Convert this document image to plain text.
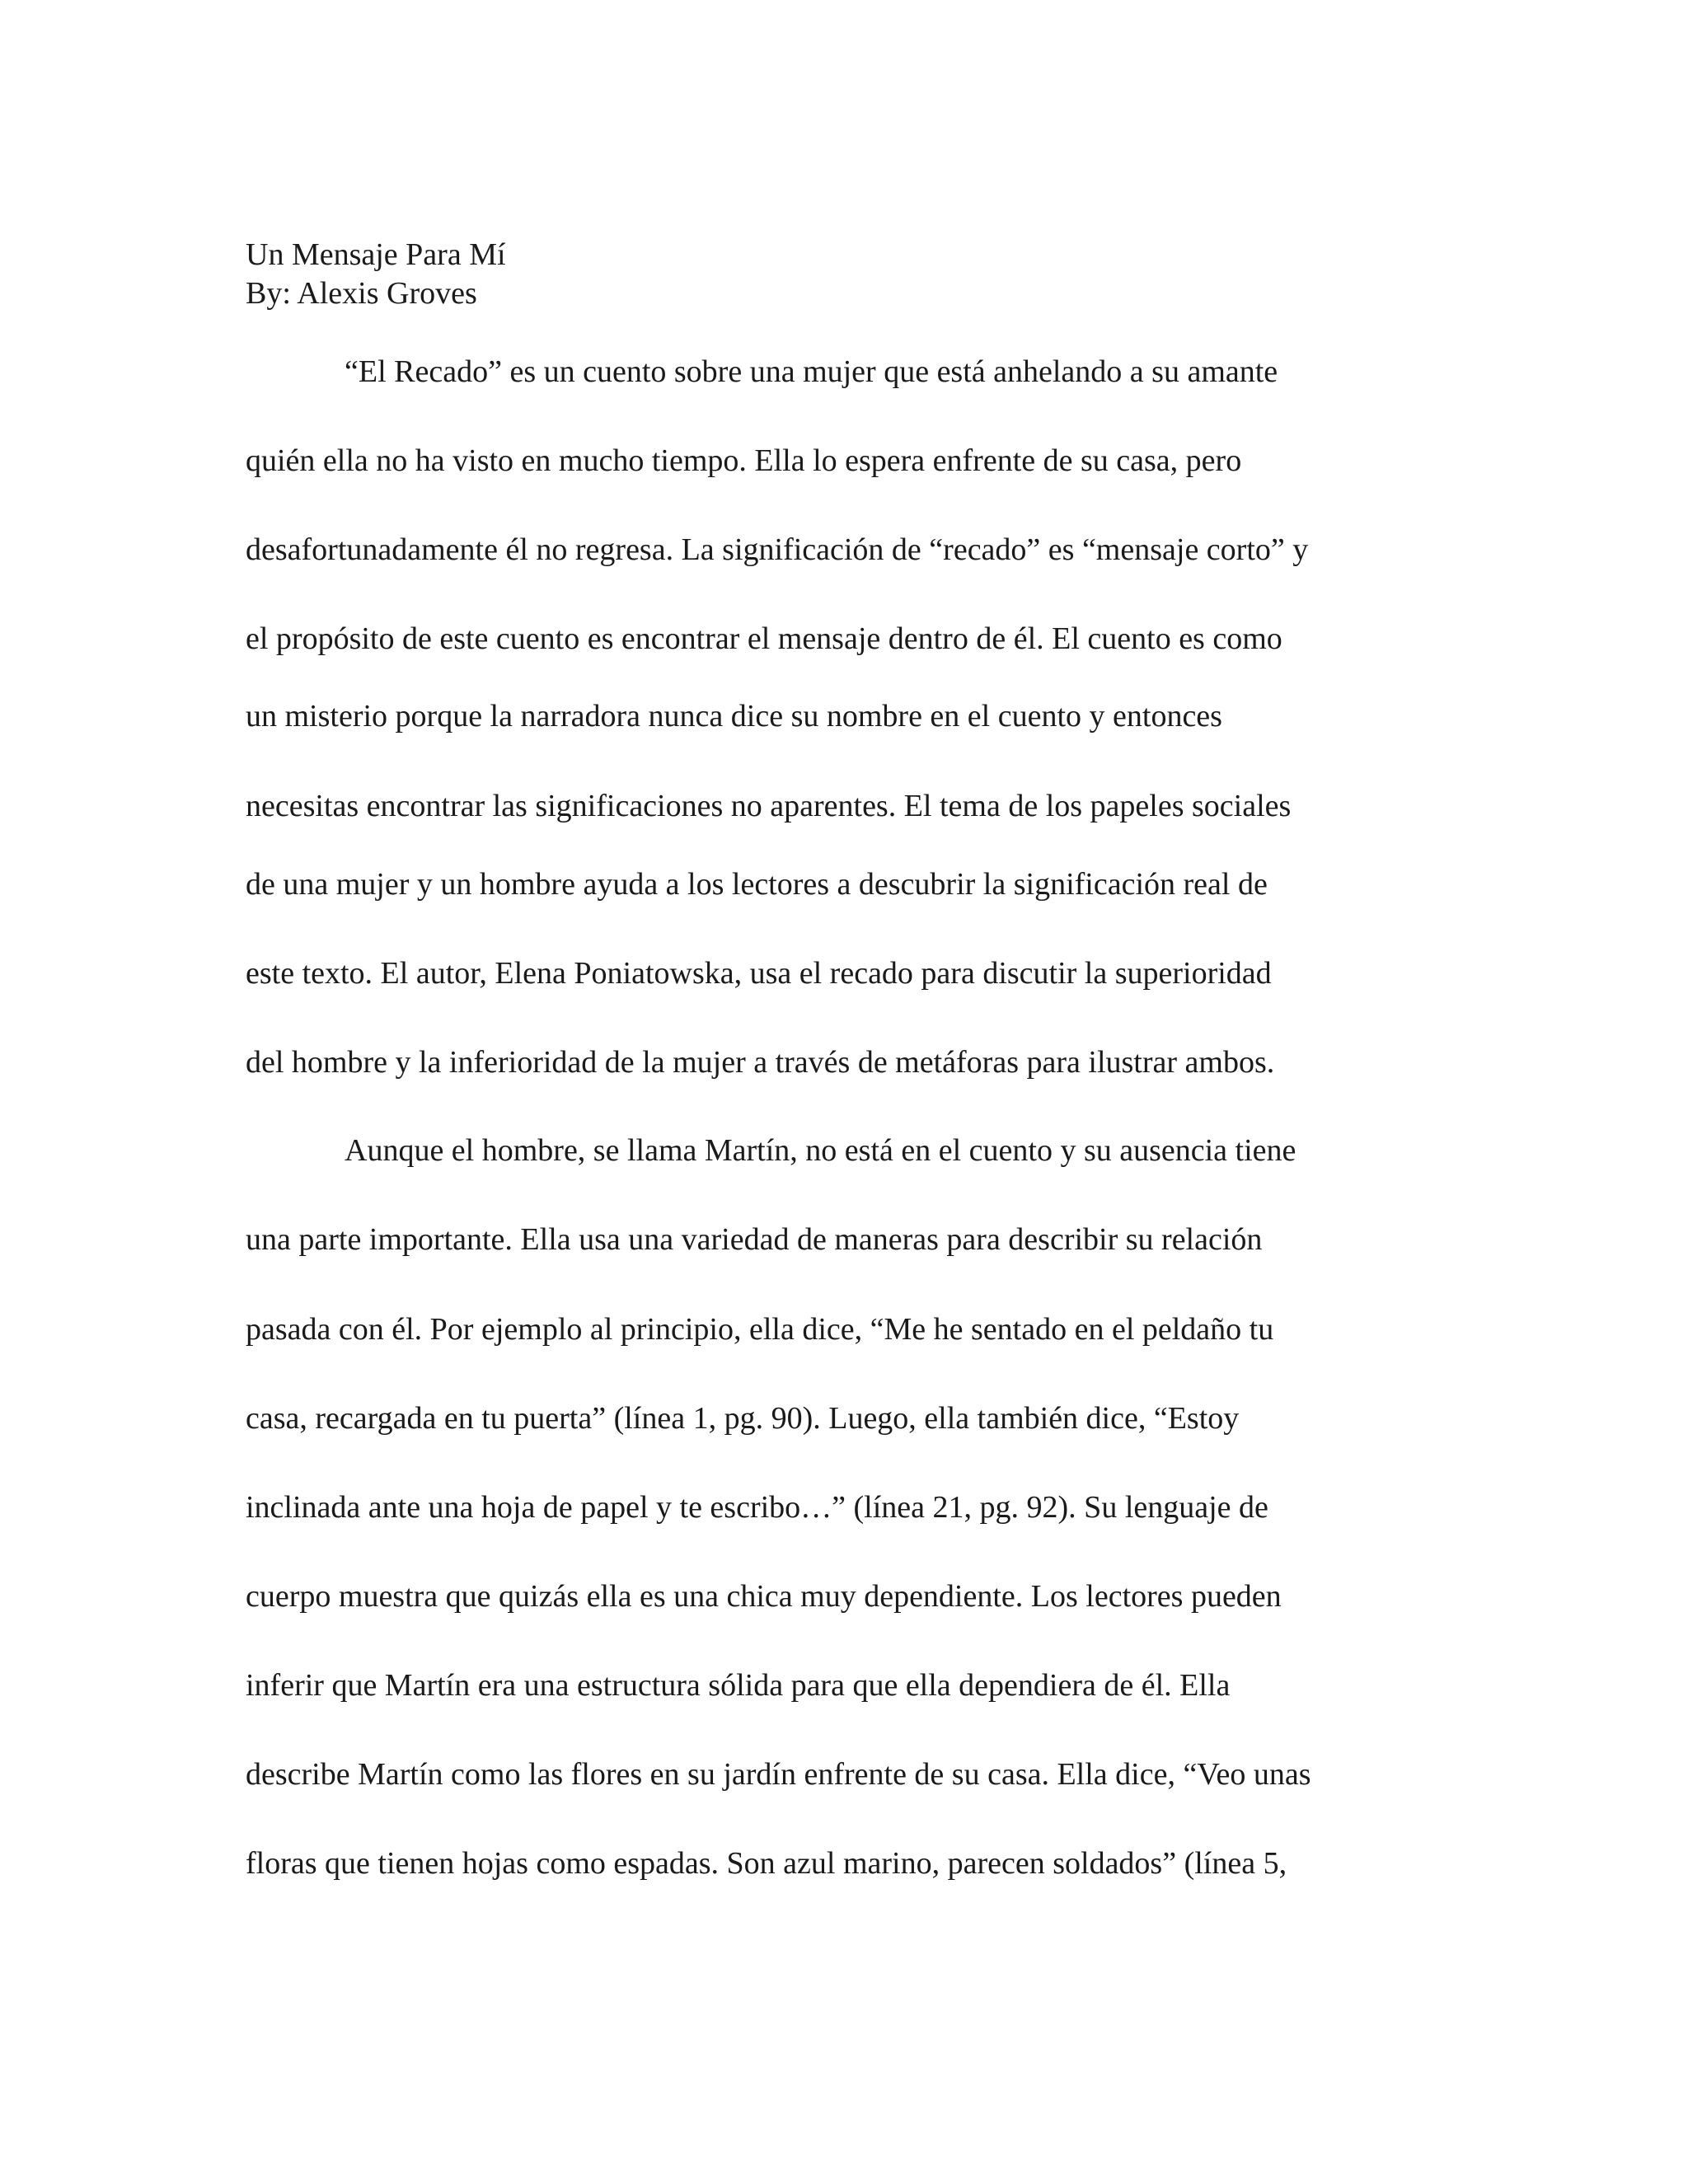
Un Mensaje Para Mí
By: Alexis Groves
“El Recado” es un cuento sobre una mujer que está anhelando a su amante
quién ella no ha visto en mucho tiempo. Ella lo espera enfrente de su casa, pero
desafortunadamente él no regresa. La significación de “recado” es “mensaje corto” y
el propósito de este cuento es encontrar el mensaje dentro de él. El cuento es como
un misterio porque la narradora nunca dice su nombre en el cuento y entonces
necesitas encontrar las significaciones no aparentes. El tema de los papeles sociales
de una mujer y un hombre ayuda a los lectores a descubrir la significación real de
este texto. El autor, Elena Poniatowska, usa el recado para discutir la superioridad
del hombre y la inferioridad de la mujer a través de metáforas para ilustrar ambos.
Aunque el hombre, se llama Martín, no está en el cuento y su ausencia tiene
una parte importante. Ella usa una variedad de maneras para describir su relación
pasada con él. Por ejemplo al principio, ella dice, “Me he sentado en el peldaño tu
casa, recargada en tu puerta” (línea 1, pg. 90). Luego, ella también dice, “Estoy
inclinada ante una hoja de papel y te escribo…” (línea 21, pg. 92). Su lenguaje de
cuerpo muestra que quizás ella es una chica muy dependiente. Los lectores pueden
inferir que Martín era una estructura sólida para que ella dependiera de él. Ella
describe Martín como las flores en su jardín enfrente de su casa. Ella dice, “Veo unas
floras que tienen hojas como espadas. Son azul marino, parecen soldados” (línea 5,
